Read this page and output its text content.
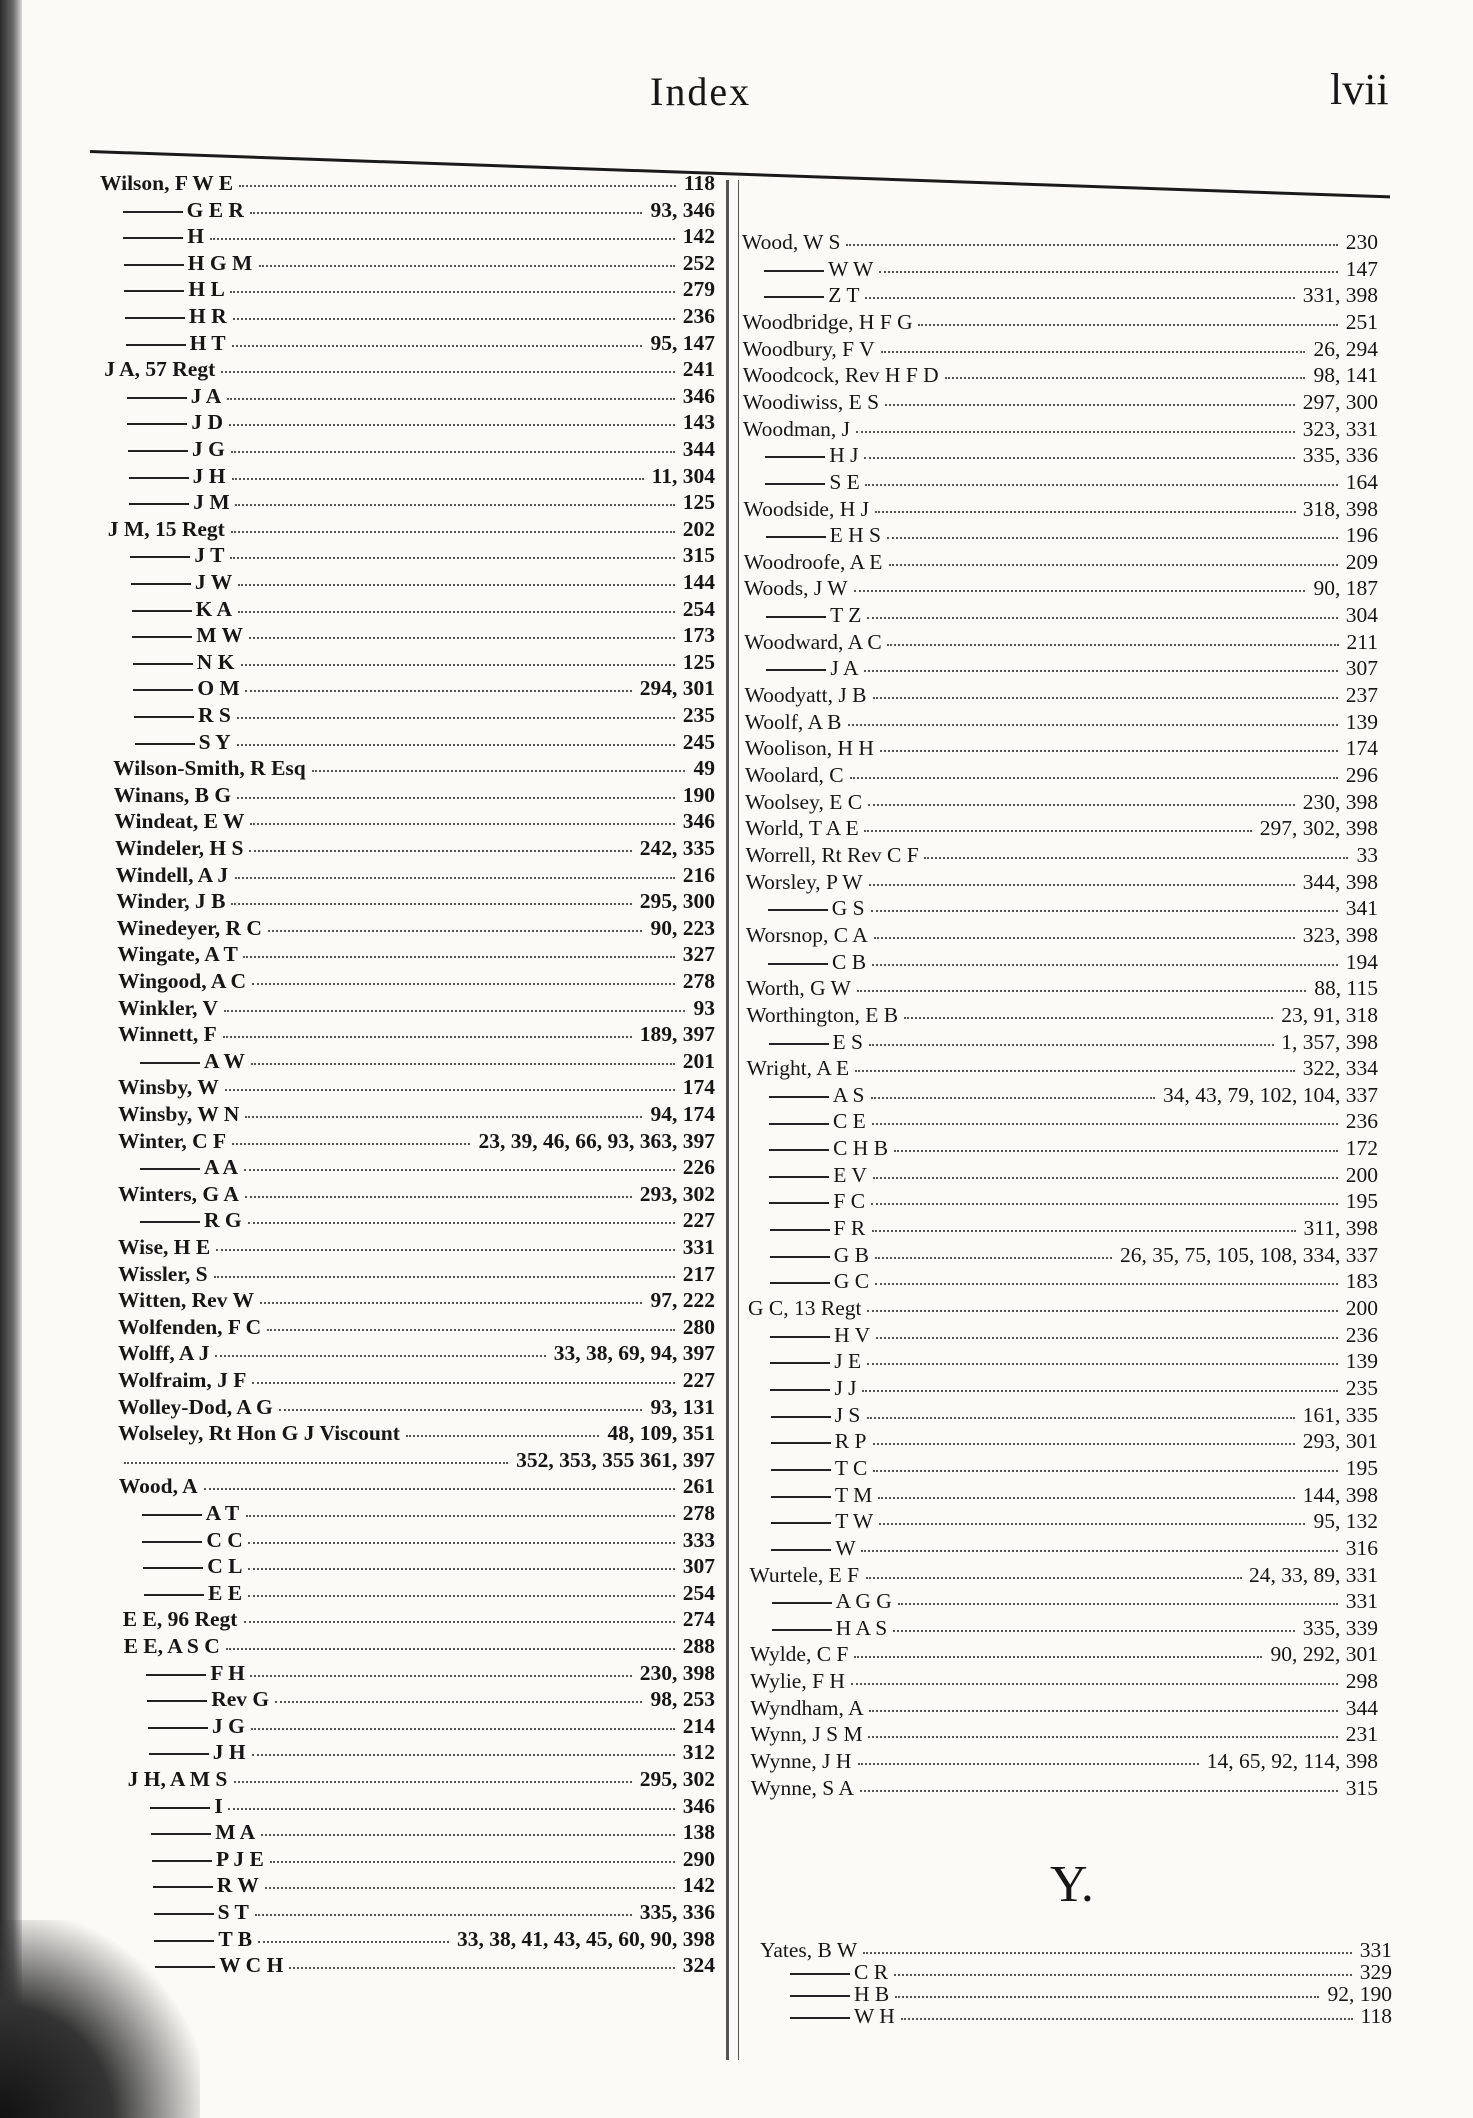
Index	lvii
Wilson, F W E	118
G E R	93, 346
H	142
H G M	252
H L	279
H R	236
H T	95, 147
J A, 57 Regt	241
J A	346
J D	143
J G	344
J H	11, 304
J M	125
J M, 15 Regt	202
J T	315
J W	144
K A	254
M W	173
N K	125
O M	294, 301
R S	235
S Y	245
Wilson-Smith, R Esq	49
Winans, B G	190
Windeat, E W	346
Windeler, H S	242, 335
Windell, A J	216
Winder, J B	295, 300
Winedeyer, R C	90, 223
Wingate, A T	327
Wingood, A C	278
Winkler, V	93
Winnett, F	189, 397
A W	201
Winsby, W	174
Winsby, W N	94, 174
Winter, C F	23, 39, 46, 66, 93, 363, 397
A A	226
Winters, G A	293, 302
R G	227
Wise, H E	331
Wissler, S	217
Witten, Rev W	97, 222
Wolfenden, F C	280
Wolff, A J	33, 38, 69, 94, 397
Wolfraim, J F	227
Wolley-Dod, A G	93, 131
Wolseley, Rt Hon G J Viscount	48, 109, 351
352, 353, 355 361, 397
Wood, A	261
A T	278
C C	333
C L	307
E E	254
E E, 96 Regt	274
E E, A S C	288
F H	230, 398
Rev G	98, 253
J G	214
J H	312
J H, A M S	295, 302
I	346
M A	138
P J E	290
R W	142
S T	335, 336
T B	33, 38, 41, 43, 45, 60, 90, 398
W C H	324
Wood, W S	230
W W	147
Z T	331, 398
Woodbridge, H F G	251
Woodbury, F V	26, 294
Woodcock, Rev H F D	98, 141
Woodiwiss, E S	297, 300
Woodman, J	323, 331
H J	335, 336
S E	164
Woodside, H J	318, 398
E H S	196
Woodroofe, A E	209
Woods, J W	90, 187
T Z	304
Woodward, A C	211
J A	307
Woodyatt, J B	237
Woolf, A B	139
Woolison, H H	174
Woolard, C	296
Woolsey, E C	230, 398
World, T A E	297, 302, 398
Worrell, Rt Rev C F	33
Worsley, P W	344, 398
G S	341
Worsnop, C A	323, 398
C B	194
Worth, G W	88, 115
Worthington, E B	23, 91, 318
E S	1, 357, 398
Wright, A E	322, 334
A S	34, 43, 79, 102, 104, 337
C E	236
C H B	172
E V	200
F C	195
F R	311, 398
G B	26, 35, 75, 105, 108, 334, 337
G C	183
G C, 13 Regt	200
H V	236
J E	139
J J	235
J S	161, 335
R P	293, 301
T C	195
T M	144, 398
T W	95, 132
W	316
Wurtele, E F	24, 33, 89, 331
A G G	331
H A S	335, 339
Wylde, C F	90, 292, 301
Wylie, F H	298
Wyndham, A	344
Wynn, J S M	231
Wynne, J H	14, 65, 92, 114, 398
Wynne, S A	315
Y.
Yates, B W	331
C R	329
H B	92, 190
W H	118
